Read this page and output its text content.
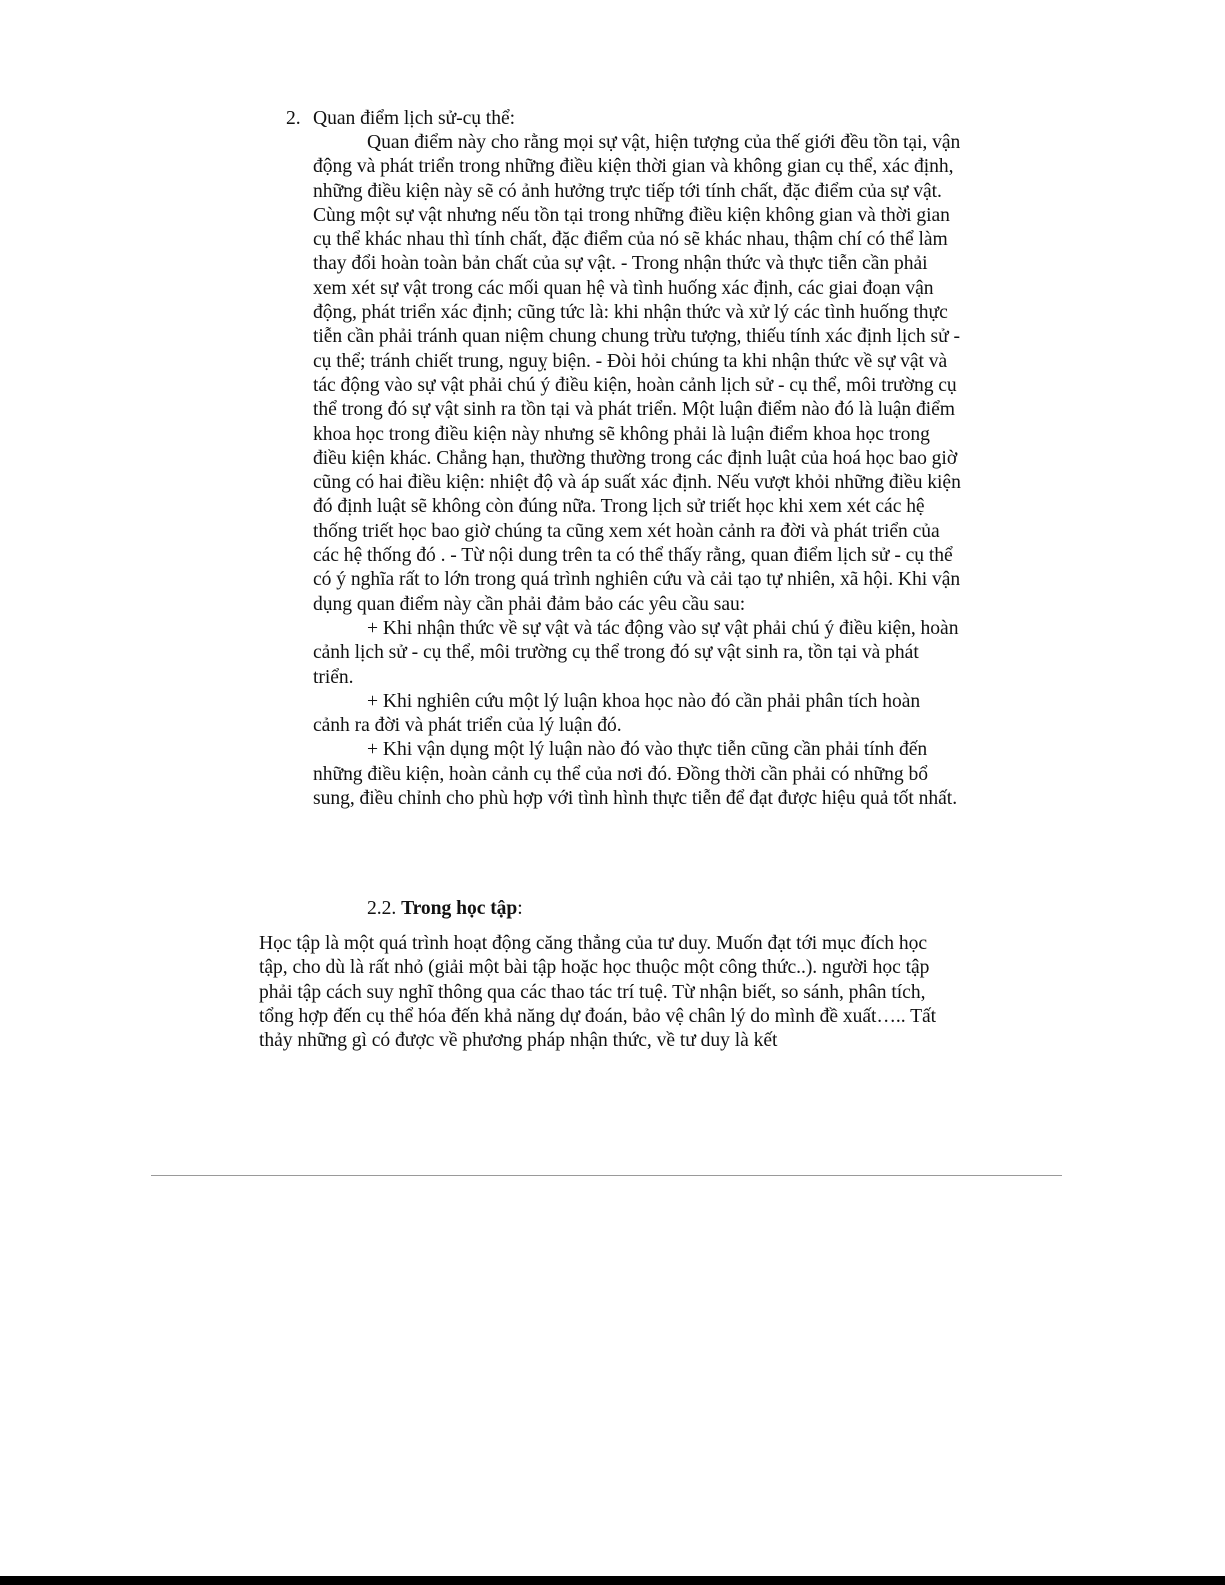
2. Quan điểm lịch sử-cụ thể:

Quan điểm này cho rằng mọi sự vật, hiện tượng của thế giới đều tồn tại, vận động và phát triển trong những điều kiện thời gian và không gian cụ thể, xác định, những điều kiện này sẽ có ảnh hưởng trực tiếp tới tính chất, đặc điểm của sự vật. Cùng một sự vật nhưng nếu tồn tại trong những điều kiện không gian và thời gian cụ thể khác nhau thì tính chất, đặc điểm của nó sẽ khác nhau, thậm chí có thể làm thay đổi hoàn toàn bản chất của sự vật. - Trong nhận thức và thực tiễn cần phải xem xét sự vật trong các mối quan hệ và tình huống xác định, các giai đoạn vận động, phát triển xác định; cũng tức là: khi nhận thức và xử lý các tình huống thực tiễn cần phải tránh quan niệm chung chung trừu tượng, thiếu tính xác định lịch sử - cụ thể; tránh chiết trung, nguỵ biện. - Đòi hỏi chúng ta khi nhận thức về sự vật và tác động vào sự vật phải chú ý điều kiện, hoàn cảnh lịch sử - cụ thể, môi trường cụ thể trong đó sự vật sinh ra tồn tại và phát triển. Một luận điểm nào đó là luận điểm khoa học trong điều kiện này nhưng sẽ không phải là luận điểm khoa học trong điều kiện khác. Chẳng hạn, thường thường trong các định luật của hoá học bao giờ cũng có hai điều kiện: nhiệt độ và áp suất xác định. Nếu vượt khỏi những điều kiện đó định luật sẽ không còn đúng nữa. Trong lịch sử triết học khi xem xét các hệ thống triết học bao giờ chúng ta cũng xem xét hoàn cảnh ra đời và phát triển của các hệ thống đó . - Từ nội dung trên ta có thể thấy rằng, quan điểm lịch sử - cụ thể có ý nghĩa rất to lớn trong quá trình nghiên cứu và cải tạo tự nhiên, xã hội. Khi vận dụng quan điểm này cần phải đảm bảo các yêu cầu sau:

+ Khi nhận thức về sự vật và tác động vào sự vật phải chú ý điều kiện, hoàn cảnh lịch sử - cụ thể, môi trường cụ thể trong đó sự vật sinh ra, tồn tại và phát triển.

+ Khi nghiên cứu một lý luận khoa học nào đó cần phải phân tích hoàn cảnh ra đời và phát triển của lý luận đó.

+ Khi vận dụng một lý luận nào đó vào thực tiễn cũng cần phải tính đến những điều kiện, hoàn cảnh cụ thể của nơi đó. Đồng thời cần phải có những bổ sung, điều chỉnh cho phù hợp với tình hình thực tiễn để đạt được hiệu quả tốt nhất.

2.2. Trong học tập:

Học tập là một quá trình hoạt động căng thẳng của tư duy. Muốn đạt tới mục đích học tập, cho dù là rất nhỏ (giải một bài tập hoặc học thuộc một công thức..). người học tập phải tập cách suy nghĩ thông qua các thao tác trí tuệ. Từ nhận biết, so sánh, phân tích, tổng hợp đến cụ thể hóa đến khả năng dự đoán, bảo vệ chân lý do mình đề xuất….. Tất thảy những gì có được về phương pháp nhận thức, về tư duy là kết
